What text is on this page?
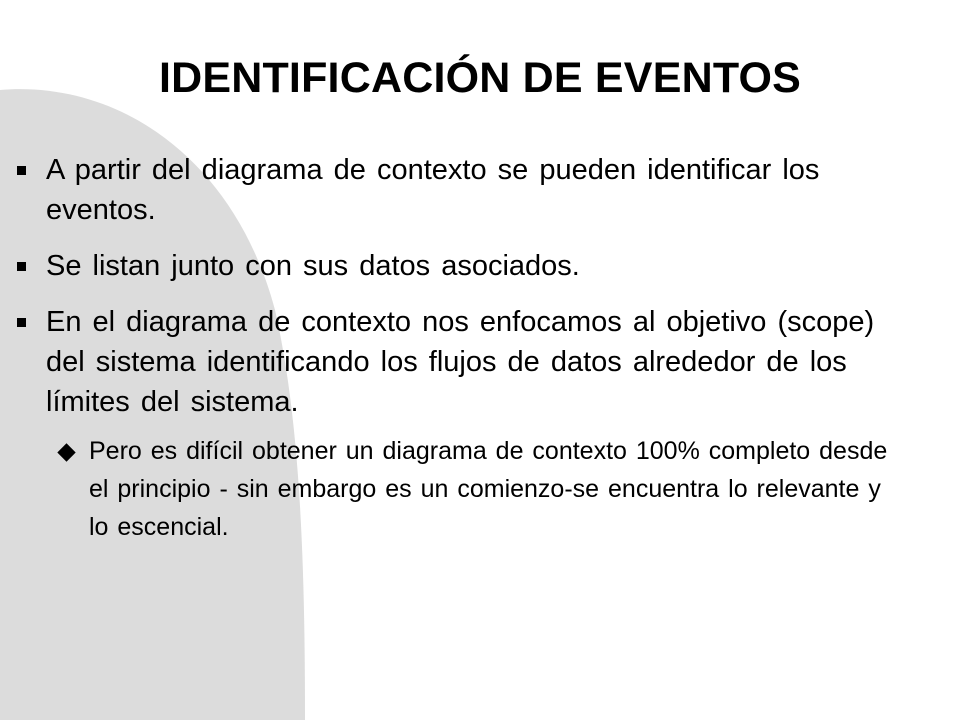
IDENTIFICACIÓN DE EVENTOS
A partir del diagrama de contexto se pueden identificar los eventos.
Se listan junto con sus datos asociados.
En el diagrama de contexto nos enfocamos al objetivo (scope) del sistema identificando los flujos de datos alrededor de los límites del sistema.
Pero es difícil obtener un diagrama de contexto 100% completo desde el principio - sin embargo es un comienzo-se encuentra lo relevante y lo escencial.
